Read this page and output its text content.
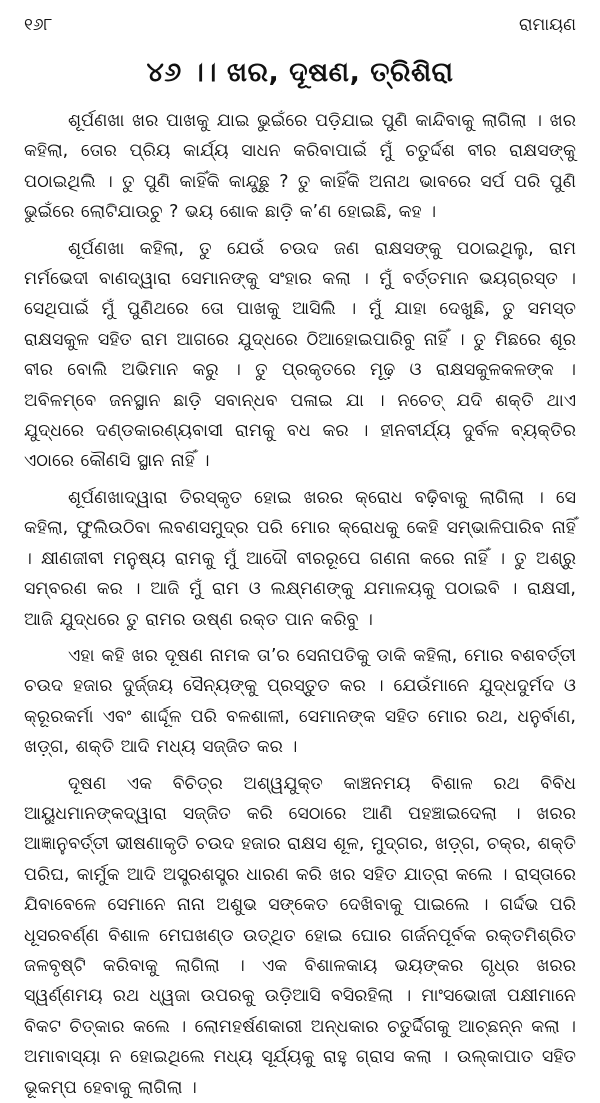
୧୬୮	ରାମାୟଣ
୪୬ ।। ଖର, ଦୂଷଣ, ତ୍ରିଶିରା

ଶୂର୍ପଣଖା ଖର ପାଖକୁ ଯାଇ ଭୁଇଁରେ ପଡ଼ିଯାଇ ପୁଣି କାନ୍ଦିବାକୁ ଲାଗିଲା । ଖର କହିଲା, ତୋର ପ୍ରିୟ କାର୍ଯ୍ୟ ସାଧନ କରିବାପାଇଁ ମୁଁ ଚତୁର୍ଦ୍ଦଶ ବୀର ରାକ୍ଷସଙ୍କୁ ପଠାଇଥିଲି । ତୁ ପୁଣି କାହିଁକି କାନ୍ଦୁଛୁ ? ତୁ କାହିଁକି ଅନାଥ ଭାବରେ ସର୍ପ ପରି ପୁଣି ଭୁଇଁରେ ଲୋଟିଯାଉଚୁ ? ଭୟ ଶୋକ ଛାଡ଼ି କ’ଣ ହୋଇଛି, କହ ।

ଶୂର୍ପଣଖା କହିଲା, ତୁ ଯେଉଁ ଚଉଦ ଜଣ ରାକ୍ଷସଙ୍କୁ ପଠାଇଥିଲୁ, ରାମ ମର୍ମଭେଦୀ ବାଣଦ୍ୱାରା ସେମାନଙ୍କୁ ସଂହାର କଲା । ମୁଁ ବର୍ତ୍ତମାନ ଭୟଗ୍ରସ୍ତ । ସେଥିପାଇଁ ମୁଁ ପୁଣିଥରେ ତୋ ପାଖକୁ ଆସିଲି । ମୁଁ ଯାହା ଦେଖୁଛି, ତୁ ସମସ୍ତ ରାକ୍ଷସକୁଳ ସହିତ ରାମ ଆଗରେ ଯୁଦ୍ଧରେ ଠିଆହୋଇପାରିବୁ ନାହିଁ । ତୁ ମିଛରେ ଶୂର ବୀର ବୋଲି ଅଭିମାନ କରୁ । ତୁ ପ୍ରକୃତରେ ମୂଢ଼ ଓ ରାକ୍ଷସକୁଳକଳଙ୍କ । ଅବିଳମ୍ବେ ଜନସ୍ଥାନ ଛାଡ଼ି ସବାନ୍ଧବ ପଳାଇ ଯା । ନଚେତ୍ ଯଦି ଶକ୍ତି ଥାଏ ଯୁଦ୍ଧରେ ଦଣ୍ଡକାରଣ୍ୟବାସୀ ରାମକୁ ବଧ କର । ହୀନବୀର୍ଯ୍ୟ ଦୁର୍ବଳ ବ୍ୟକ୍ତିର ଏଠାରେ କୌଣସି ସ୍ଥାନ ନାହିଁ ।

ଶୂର୍ପଣଖାଦ୍ୱାରା ତିରସ୍କୃତ ହୋଇ ଖରର କ୍ରୋଧ ବଢ଼ିବାକୁ ଲାଗିଲା । ସେ କହିଲା, ଫୁଲିଉଠିବା ଲବଣସମୁଦ୍ର ପରି ମୋର କ୍ରୋଧକୁ କେହି ସମ୍ଭାଳିପାରିବ ନାହିଁ । କ୍ଷୀଣଜୀବୀ ମନୁଷ୍ୟ ରାମକୁ ମୁଁ ଆଦୌ ବୀରରୂପେ ଗଣନା କରେ ନାହିଁ । ତୁ ଅଶ୍ରୁ ସମ୍ବରଣ କର । ଆଜି ମୁଁ ରାମ ଓ ଲକ୍ଷ୍ମଣଙ୍କୁ ଯମାଳୟକୁ ପଠାଇବି । ରାକ୍ଷସୀ, ଆଜି ଯୁଦ୍ଧରେ ତୁ ରାମର ଉଷ୍ଣ ରକ୍ତ ପାନ କରିବୁ ।

ଏହା କହି ଖର ଦୂଷଣ ନାମକ ତା’ର ସେନାପତିକୁ ଡାକି କହିଲା, ମୋର ବଶବର୍ତ୍ତୀ ଚଉଦ ହଜାର ଦୁର୍ଜ୍ଜୟ ସୈନ୍ୟଙ୍କୁ ପ୍ରସ୍ତୁତ କର । ଯେଉଁମାନେ ଯୁଦ୍ଧଦୁର୍ମଦ ଓ କ୍ରୂରକର୍ମା ଏବଂ ଶାର୍ଦ୍ଦୂଳ ପରି ବଳଶାଳୀ, ସେମାନଙ୍କ ସହିତ ମୋର ରଥ, ଧନୁର୍ବାଣ, ଖଡ଼୍ଗ, ଶକ୍ତି ଆଦି ମଧ୍ୟ ସଜ୍ଜିତ କର ।

ଦୂଷଣ ଏକ ବିଚିତ୍ର ଅଶ୍ୱଯୁକ୍ତ କାଞ୍ଚନମୟ ବିଶାଳ ରଥ ବିବିଧ ଆୟୁଧମାନଙ୍କଦ୍ୱାରା ସଜ୍ଜିତ କରି ସେଠାରେ ଆଣି ପହଞ୍ଚାଇଦେଲା । ଖରର ଆଜ୍ଞାନୁବର୍ତ୍ତୀ ଭୀଷଣାକୃତି ଚଉଦ ହଜାର ରାକ୍ଷସ ଶୂଳ, ମୁଦ୍‌ଗର, ଖଡ଼୍ଗ, ଚକ୍ର, ଶକ୍ତି ପରିଘ, କାର୍ମୁକ ଆଦି ଅସ୍ତ୍ରଶସ୍ତ୍ର ଧାରଣ କରି ଖର ସହିତ ଯାତ୍ରା କଲେ । ରାସ୍ତାରେ ଯିବାବେଳେ ସେମାନେ ନାନା ଅଶୁଭ ସଙ୍କେତ ଦେଖିବାକୁ ପାଇଲେ । ଗର୍ଦ୍ଦଭ ପରି ଧୂସରବର୍ଣ୍ଣ ବିଶାଳ ମେଘଖଣ୍ଡ ଉତ୍‌ଥିତ ହୋଇ ଘୋର ଗର୍ଜନପୂର୍ବକ ରକ୍ତମିଶ୍ରିତ ଜଳବୃଷ୍ଟି କରିବାକୁ ଲାଗିଲା । ଏକ ବିଶାଳକାୟ ଭୟଙ୍କର ଗୃଧ୍ର ଖରର ସ୍ୱର୍ଣ୍ଣମୟ ରଥ ଧ୍ୱଜା ଉପରକୁ ଉଡ଼ିଆସି ବସିରହିଲା । ମାଂସଭୋଜୀ ପକ୍ଷୀମାନେ ବିକଟ ଚିତ୍କାର କଲେ । ଲୋମହର୍ଷଣକାରୀ ଅନ୍ଧକାର ଚତୁର୍ଦ୍ଦିଗକୁ ଆଚ୍ଛନ୍ନ କଲା । ଅମାବାସ୍ୟା ନ ହୋଇଥିଲେ ମଧ୍ୟ ସୂର୍ଯ୍ୟକୁ ରାହୁ ଗ୍ରାସ କଲା । ଉଲ୍‌କାପାତ ସହିତ ଭୂକମ୍ପ ହେବାକୁ ଲାଗିଲା ।
